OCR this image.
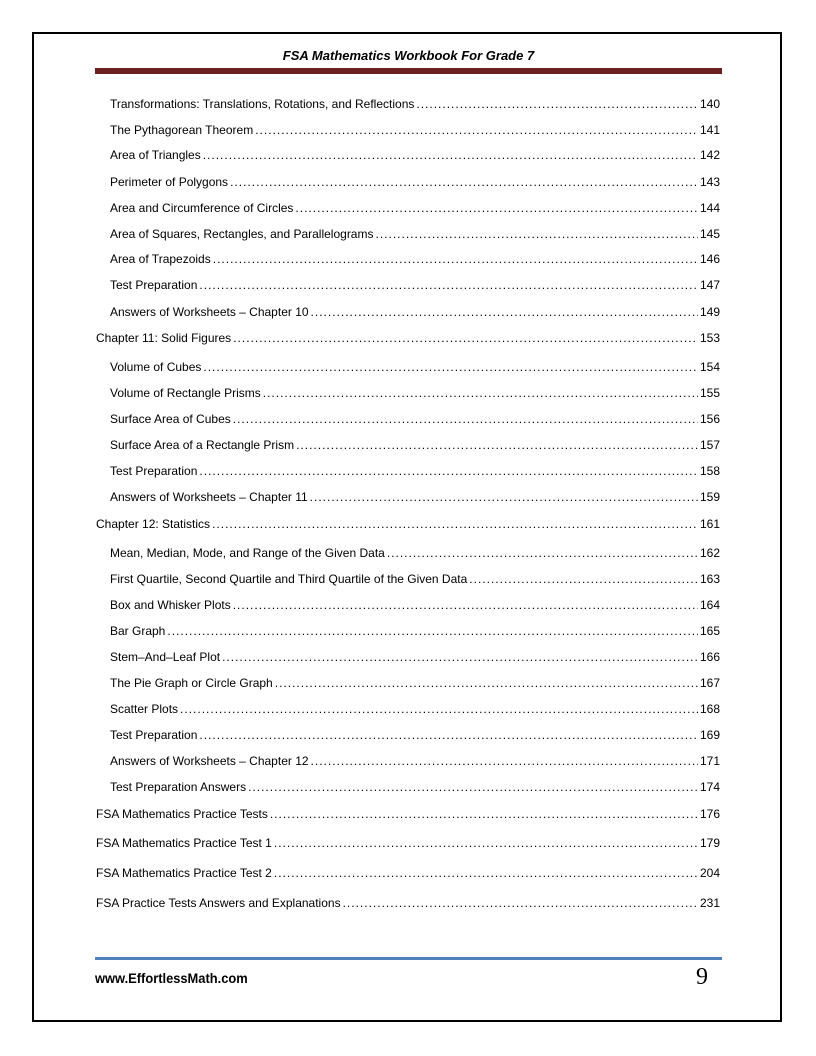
FSA Mathematics Workbook For Grade 7
Transformations: Translations, Rotations, and Reflections .....	140
The Pythagorean Theorem .....	141
Area of Triangles .....	142
Perimeter of Polygons .....	143
Area and Circumference of Circles .....	144
Area of Squares, Rectangles, and Parallelograms .....	145
Area of Trapezoids .....	146
Test Preparation .....	147
Answers of Worksheets – Chapter 10 .....	149
Chapter 11: Solid Figures .....	153
Volume of Cubes .....	154
Volume of Rectangle Prisms .....	155
Surface Area of Cubes .....	156
Surface Area of a Rectangle Prism .....	157
Test Preparation .....	158
Answers of Worksheets – Chapter 11 .....	159
Chapter 12: Statistics .....	161
Mean, Median, Mode, and Range of the Given Data .....	162
First Quartile, Second Quartile and Third Quartile of the Given Data .....	163
Box and Whisker Plots .....	164
Bar Graph .....	165
Stem–And–Leaf Plot .....	166
The Pie Graph or Circle Graph .....	167
Scatter Plots .....	168
Test Preparation .....	169
Answers of Worksheets – Chapter 12 .....	171
Test Preparation Answers .....	174
FSA Mathematics Practice Tests .....	176
FSA Mathematics Practice Test 1 .....	179
FSA Mathematics Practice Test 2 .....	204
FSA Practice Tests Answers and Explanations .....	231
www.EffortlessMath.com	9
